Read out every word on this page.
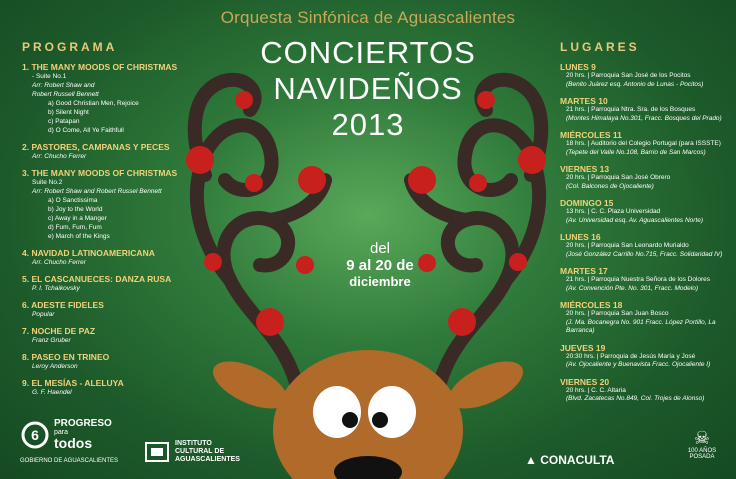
Orquesta Sinfónica de Aguascalientes
CONCIERTOS
NAVIDEÑOS
2013
del
9 al 20 de
diciembre
PROGRAMA
1. THE MANY MOODS OF CHRISTMAS
- Suite No.1
Arr: Robert Shaw and
Robert Russell Bennett
a) Good Christian Men, Rejoice
b) Silent Night
c) Patapan
d) O Come, All Ye Faithfull
2. PASTORES, CAMPANAS Y PECES
Arr: Chucho Ferrer
3. THE MANY MOODS OF CHRISTMAS
Suite No.2
Arr: Robert Shaw and Robert Russel Bennett
a) O Sanctissima
b) Joy to the World
c) Away in a Manger
d) Fum, Fum, Fum
e) March of the Kings
4. NAVIDAD LATINOAMERICANA
Arr. Chucho Ferrer
5. EL CASCANUECES: DANZA RUSA
P. I. Tchaikovsky
6. ADESTE FIDELES
Popular
7. NOCHE DE PAZ
Franz Gruber
8. PASEO EN TRINEO
Leroy Anderson
9. EL MESÍAS - ALELUYA
G. F. Haendel
LUGARES
LUNES 9
20 hrs. | Parroquia San José de los Pocitos
(Benito Juárez esq. Antonio de Lunas - Pocitos)
MARTES 10
21 hrs. | Parroquia Ntra. Sra. de los Bosques
(Montes Himalaya No.301, Fracc. Bosques del Prado)
MIÉRCOLES 11
18 hrs. | Auditorio del Colegio Portugal (para ISSSTE)
(Tepete del Valle No.108, Barrio de San Marcos)
VIERNES 13
20 hrs. | Parroquia San José Obrero
(Col. Balcones de Ojocaliente)
DOMINGO 15
13 hrs. | C. C. Plaza Universidad
(Av. Universidad esq. Av. Aguascalientes Norte)
LUNES 16
20 hrs. | Parroquia San Leonardo Murialdo
(José González Carrillo No.715, Fracc. Solidaridad IV)
MARTES 17
21 hrs. | Parroquia Nuestra Señora de los Dolores
(Av. Convención Pte. No. 301, Fracc. Modelo)
MIÉRCOLES 18
20 hrs. | Parroquia San Juan Bosco
(J. Ma. Bocanegra No. 901 Fracc. López Portillo, La Barranca)
JUEVES 19
20:30 hrs. | Parroquia de Jesús María y José
(Av. Ojocaliente y Buenavista Fracc. Ojocaliente I)
VIERNES 20
20 hrs. | C. C. Altaria
(Blvd. Zacatecas No.849, Col. Trojes de Alonso)
6
PROGRESO
para
todos
GOBIERNO DE AGUASCALIENTES
INSTITUTO
CULTURAL DE
AGUASCALIENTES	▲ CONACULTA
☠
100 AÑOS
POSADA
